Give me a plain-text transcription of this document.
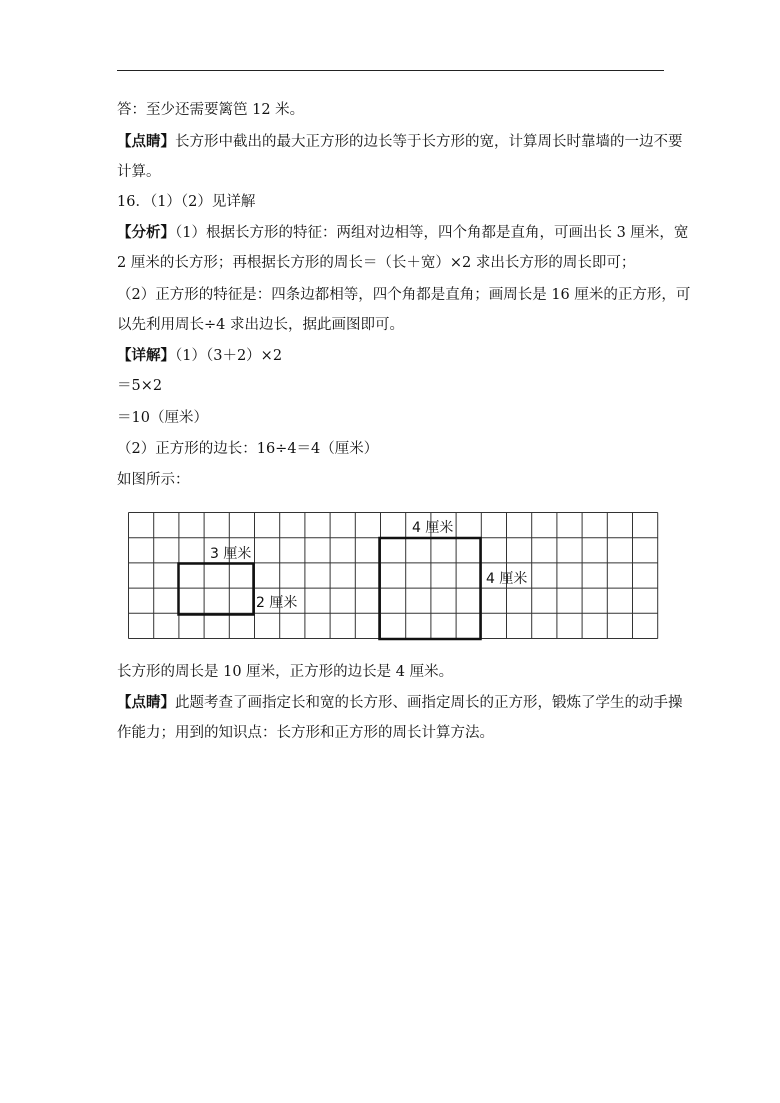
答：至少还需要篱笆 12 米。
【点睛】长方形中截出的最大正方形的边长等于长方形的宽，计算周长时靠墙的一边不要
计算。
16．（1）（2）见详解
【分析】（1）根据长方形的特征：两组对边相等，四个角都是直角，可画出长 3 厘米，宽
2 厘米的长方形；再根据长方形的周长＝（长＋宽）×2 求出长方形的周长即可；
（2）正方形的特征是：四条边都相等，四个角都是直角；画周长是 16 厘米的正方形，可
以先利用周长÷4 求出边长，据此画图即可。
【详解】（1）（3＋2）×2
＝5×2
＝10（厘米）
（2）正方形的边长：16÷4＝4（厘米）
如图所示：
3 厘米
2 厘米
4 厘米
4 厘米
长方形的周长是 10 厘米，正方形的边长是 4 厘米。
【点睛】此题考查了画指定长和宽的长方形、画指定周长的正方形，锻炼了学生的动手操
作能力；用到的知识点：长方形和正方形的周长计算方法。
